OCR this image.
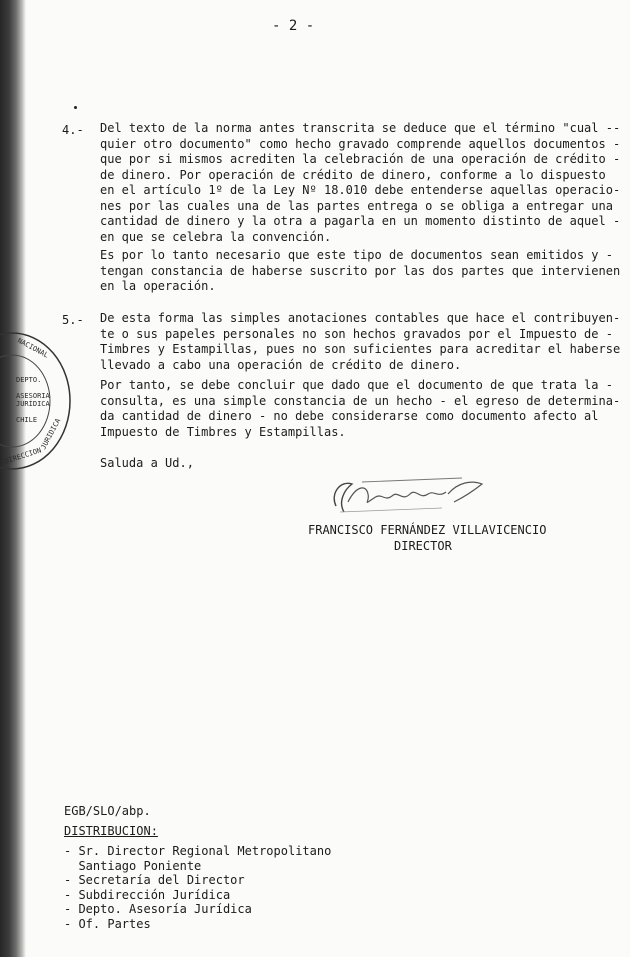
- 2 -
4.- Del texto de la norma antes transcrita se deduce que el término "cual --
quier otro documento" como hecho gravado comprende aquellos documentos -
que por si mismos acrediten la celebración de una operación de crédito -
de dinero. Por operación de crédito de dinero, conforme a lo dispuesto
en el artículo 1º de la Ley Nº 18.010 debe entenderse aquellas operacio-
nes por las cuales una de las partes entrega o se obliga a entregar una
cantidad de dinero y la otra a pagarla en un momento distinto de aquel -
en que se celebra la convención.
Es por lo tanto necesario que este tipo de documentos sean emitidos y -
tengan constancia de haberse suscrito por las dos partes que intervienen
en la operación.
5.- De esta forma las simples anotaciones contables que hace el contribuyen-
te o sus papeles personales no son hechos gravados por el Impuesto de -
Timbres y Estampillas, pues no son suficientes para acreditar el haberse
llevado a cabo una operación de crédito de dinero.
Por tanto, se debe concluir que dado que el documento de que trata la -
consulta, es una simple constancia de un hecho - el egreso de determina-
da cantidad de dinero - no debe considerarse como documento afecto al
Impuesto de Timbres y Estampillas.
Saluda a Ud.,
FRANCISCO FERNÁNDEZ VILLAVICENCIO
DIRECTOR
NACIONAL
DEPTO.
ASESORIA
JURÍDICA
CHILE JURIDICA
DIRECCION
EGB/SLO/abp.
DISTRIBUCION:
- Sr. Director Regional Metropolitano
Santiago Poniente
- Secretaría del Director
- Subdirección Jurídica
- Depto. Asesoría Jurídica
- Of. Partes
